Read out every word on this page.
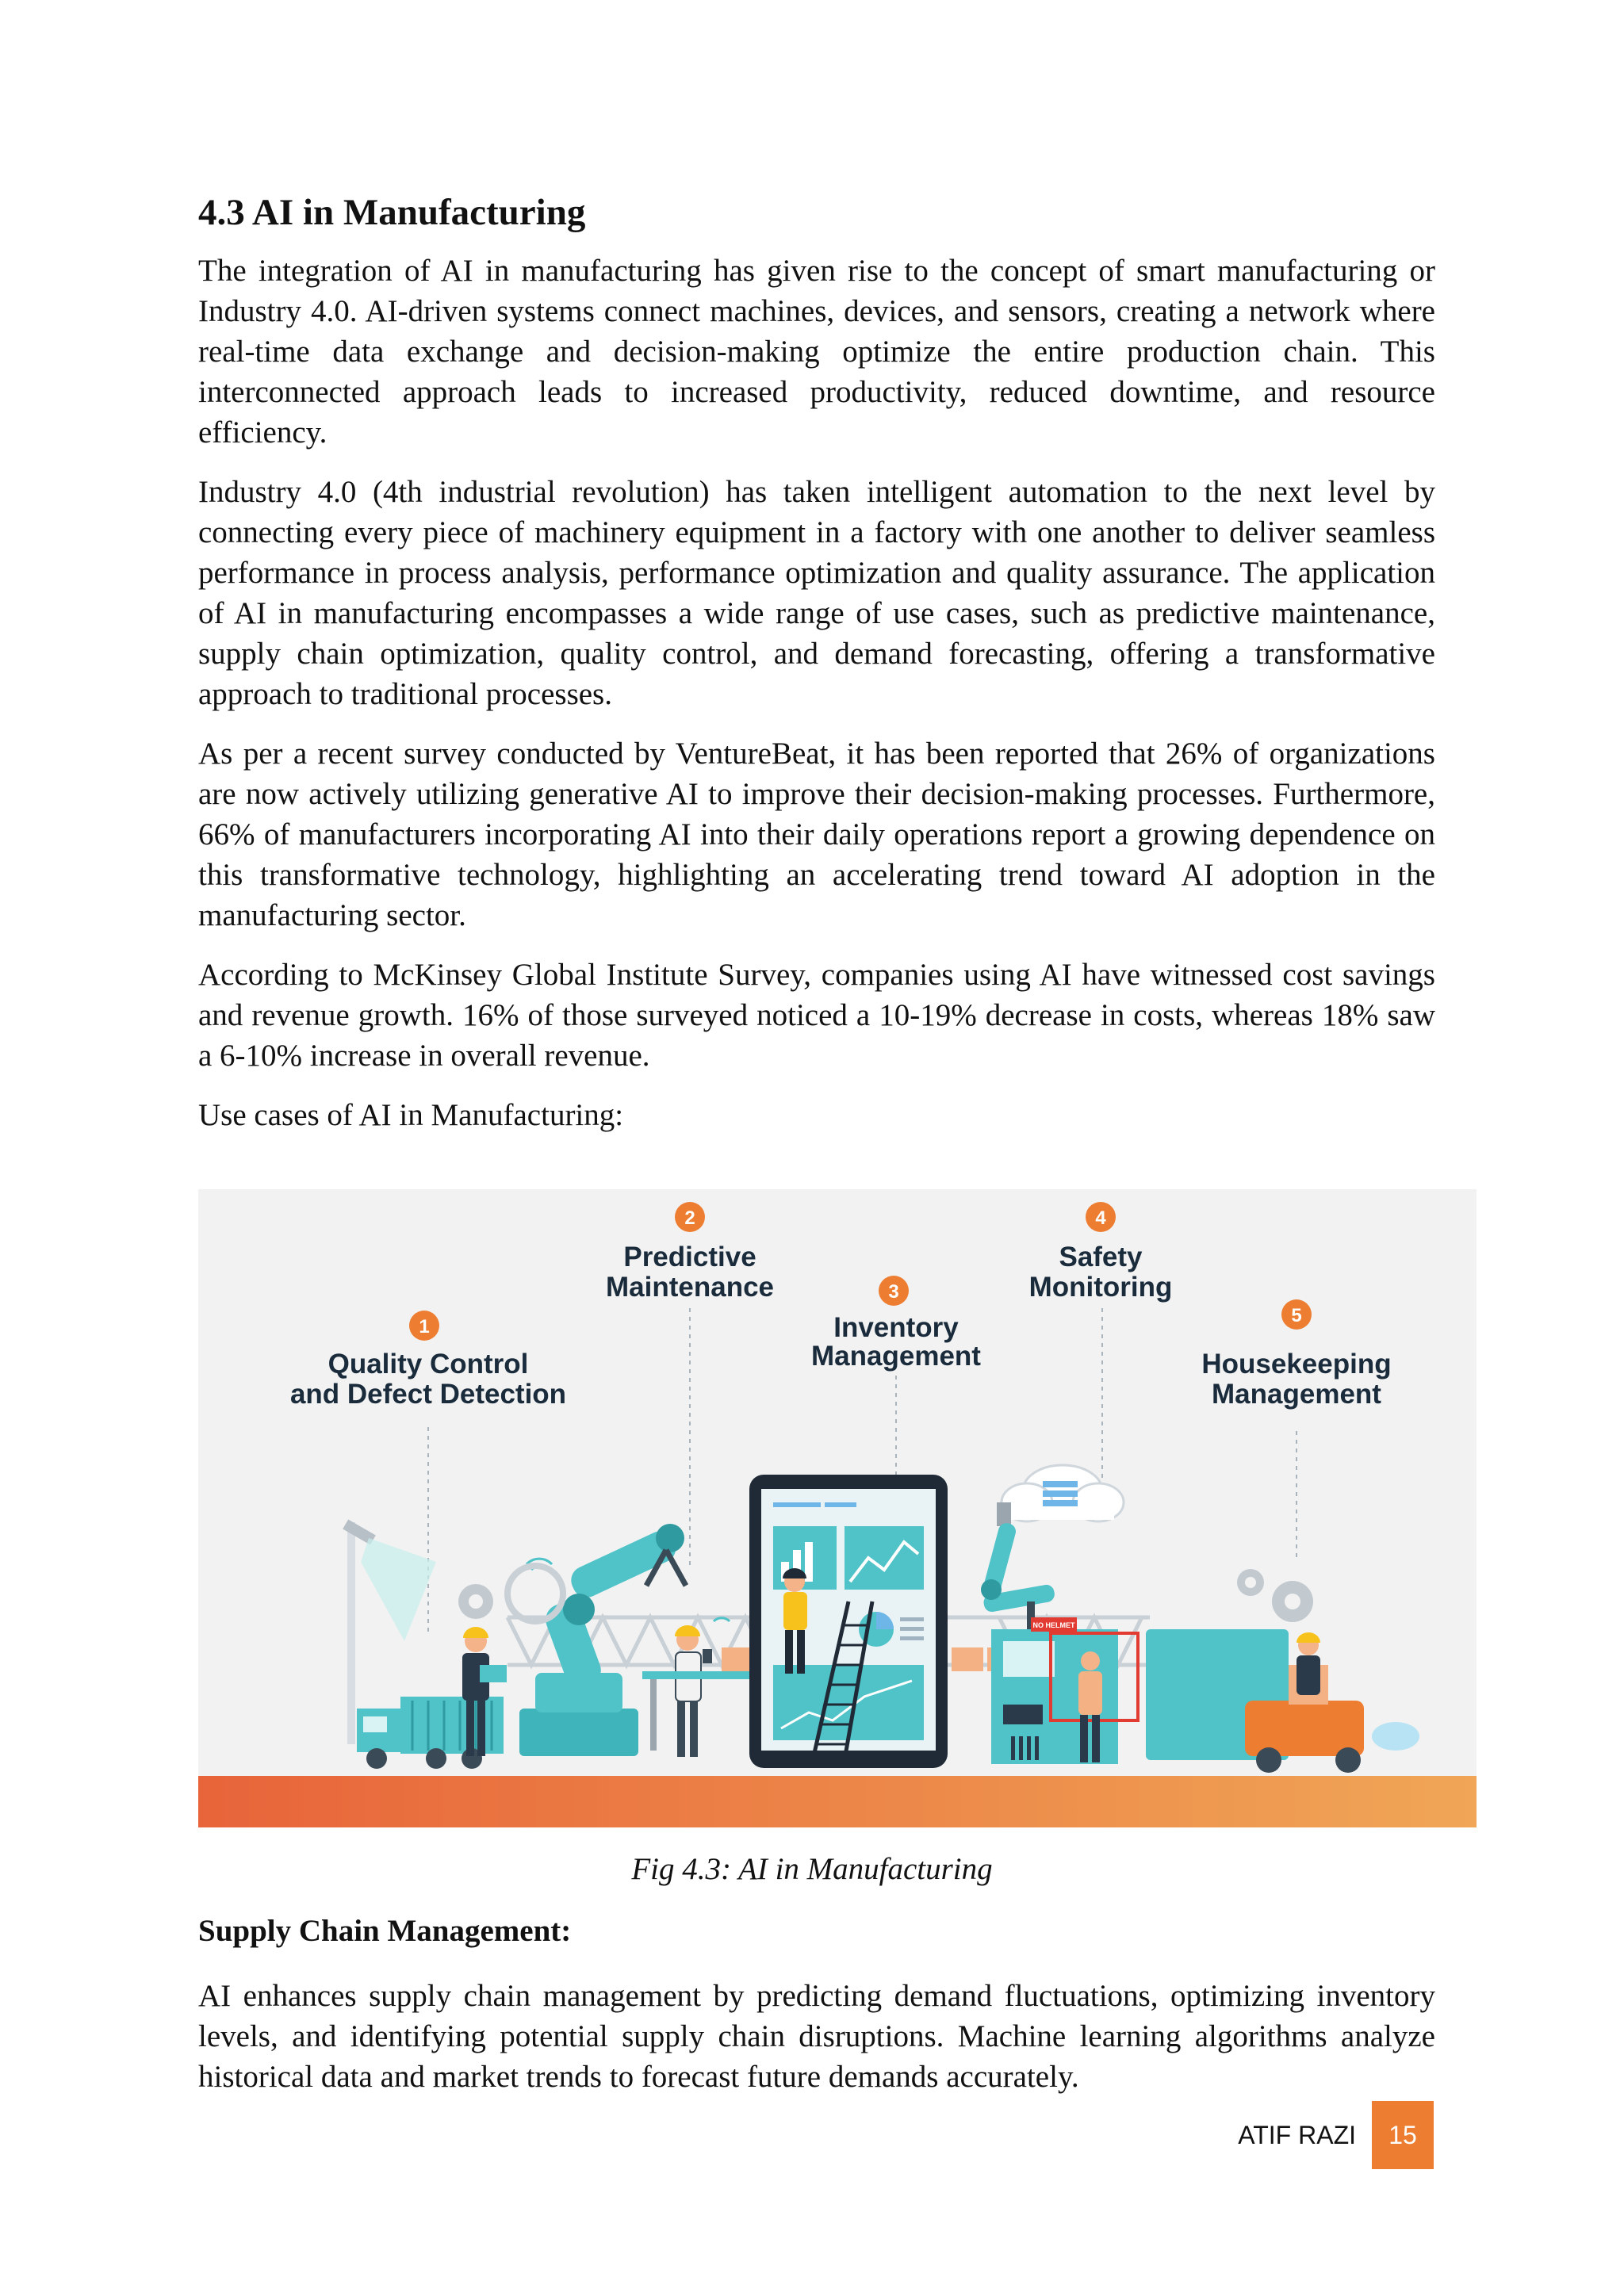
4.3 AI in Manufacturing

The integration of AI in manufacturing has given rise to the concept of smart manufacturing or Industry 4.0. AI-driven systems connect machines, devices, and sensors, creating a network where real-time data exchange and decision-making optimize the entire production chain. This interconnected approach leads to increased productivity, reduced downtime, and resource efficiency.

Industry 4.0 (4th industrial revolution) has taken intelligent automation to the next level by connecting every piece of machinery equipment in a factory with one another to deliver seamless performance in process analysis, performance optimization and quality assurance. The application of AI in manufacturing encompasses a wide range of use cases, such as predictive maintenance, supply chain optimization, quality control, and demand forecasting, offering a transformative approach to traditional processes.

As per a recent survey conducted by VentureBeat, it has been reported that 26% of organizations are now actively utilizing generative AI to improve their decision-making processes. Furthermore, 66% of manufacturers incorporating AI into their daily operations report a growing dependence on this transformative technology, highlighting an accelerating trend toward AI adoption in the manufacturing sector.

According to McKinsey Global Institute Survey, companies using AI have witnessed cost savings and revenue growth. 16% of those surveyed noticed a 10-19% decrease in costs, whereas 18% saw a 6-10% increase in overall revenue.

Use cases of AI in Manufacturing:

1
2
3
4
5
Quality Control
and Defect Detection
Predictive
Maintenance
Inventory
Management
Safety
Monitoring
Housekeeping
Management
NO HELMET
Fig 4.3: AI in Manufacturing
Supply Chain Management:

AI enhances supply chain management by predicting demand fluctuations, optimizing inventory levels, and identifying potential supply chain disruptions. Machine learning algorithms analyze historical data and market trends to forecast future demands accurately.

ATIF RAZI	15
